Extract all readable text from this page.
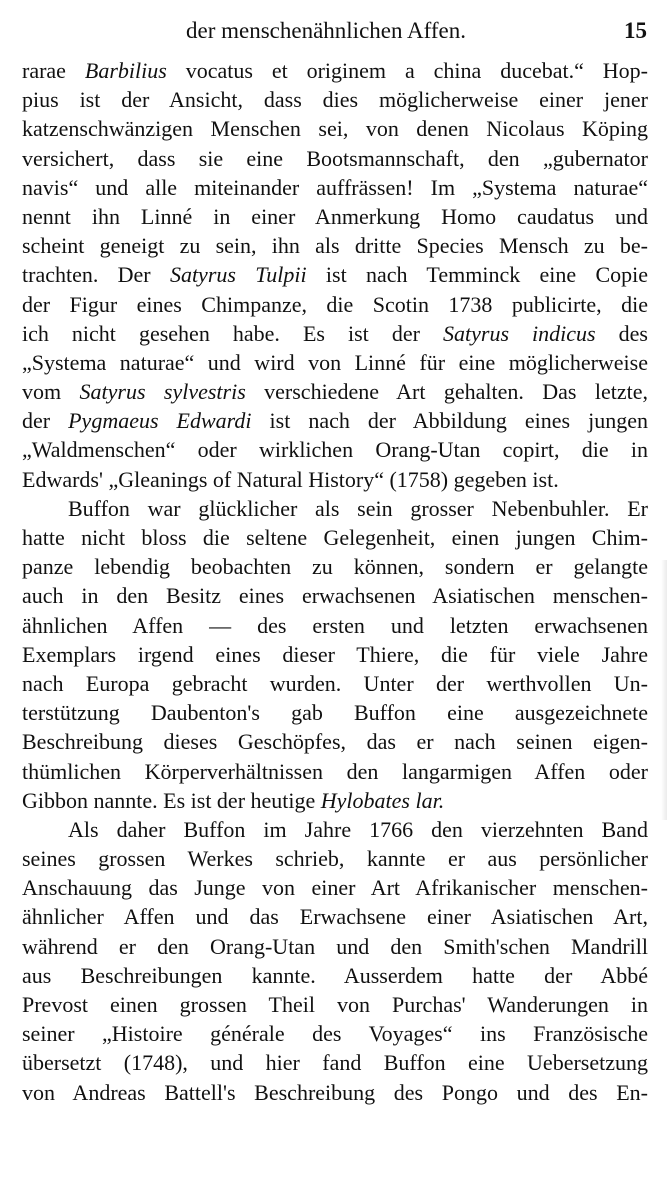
der menschenähnlichen Affen.	15
rarae Barbilius vocatus et originem a china ducebat.“ Hop-
pius ist der Ansicht, dass dies möglicherweise einer jener
katzenschwänzigen Menschen sei, von denen Nicolaus Köping
versichert, dass sie eine Bootsmannschaft, den „gubernator
navis“ und alle miteinander auffrässen! Im „Systema naturae“
nennt ihn Linné in einer Anmerkung Homo caudatus und
scheint geneigt zu sein, ihn als dritte Species Mensch zu be-
trachten. Der Satyrus Tulpii ist nach Temminck eine Copie
der Figur eines Chimpanze, die Scotin 1738 publicirte, die
ich nicht gesehen habe. Es ist der Satyrus indicus des
„Systema naturae“ und wird von Linné für eine möglicherweise
vom Satyrus sylvestris verschiedene Art gehalten. Das letzte,
der Pygmaeus Edwardi ist nach der Abbildung eines jungen
„Waldmenschen“ oder wirklichen Orang-Utan copirt, die in
Edwards' „Gleanings of Natural History“ (1758) gegeben ist.
Buffon war glücklicher als sein grosser Nebenbuhler. Er
hatte nicht bloss die seltene Gelegenheit, einen jungen Chim-
panze lebendig beobachten zu können, sondern er gelangte
auch in den Besitz eines erwachsenen Asiatischen menschen-
ähnlichen Affen — des ersten und letzten erwachsenen
Exemplars irgend eines dieser Thiere, die für viele Jahre
nach Europa gebracht wurden. Unter der werthvollen Un-
terstützung Daubenton's gab Buffon eine ausgezeichnete
Beschreibung dieses Geschöpfes, das er nach seinen eigen-
thümlichen Körperverhältnissen den langarmigen Affen oder
Gibbon nannte. Es ist der heutige Hylobates lar.
Als daher Buffon im Jahre 1766 den vierzehnten Band
seines grossen Werkes schrieb, kannte er aus persönlicher
Anschauung das Junge von einer Art Afrikanischer menschen-
ähnlicher Affen und das Erwachsene einer Asiatischen Art,
während er den Orang-Utan und den Smith'schen Mandrill
aus Beschreibungen kannte. Ausserdem hatte der Abbé
Prevost einen grossen Theil von Purchas' Wanderungen in
seiner „Histoire générale des Voyages“ ins Französische
übersetzt (1748), und hier fand Buffon eine Uebersetzung
von Andreas Battell's Beschreibung des Pongo und des En-
